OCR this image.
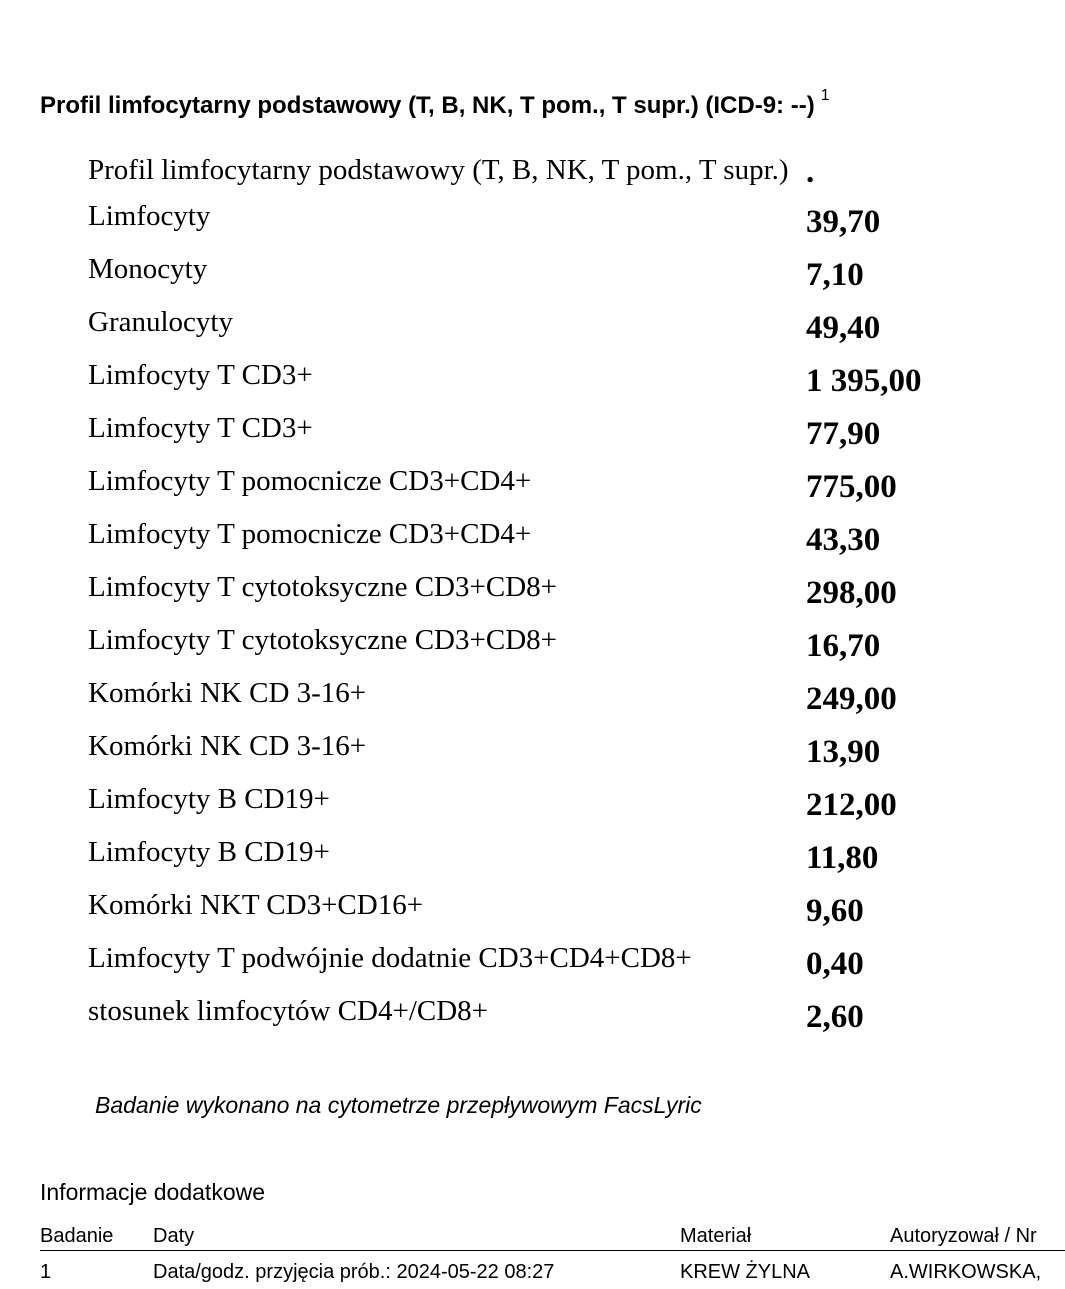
Profil limfocytarny podstawowy (T, B, NK, T pom., T supr.) (ICD-9: --) $^1$
Profil limfocytarny podstawowy (T, B, NK, T pom., T supr.) .
Limfocyty	39,70
Monocyty	7,10
Granulocyty	49,40
Limfocyty T CD3+	1 395,00
Limfocyty T CD3+	77,90
Limfocyty T pomocnicze CD3+CD4+	775,00
Limfocyty T pomocnicze CD3+CD4+	43,30
Limfocyty T cytotoksyczne CD3+CD8+	298,00
Limfocyty T cytotoksyczne CD3+CD8+	16,70
Komórki NK CD 3-16+	249,00
Komórki NK CD 3-16+	13,90
Limfocyty B CD19+	212,00
Limfocyty B CD19+	11,80
Komórki NKT CD3+CD16+	9,60
Limfocyty T podwójnie dodatnie CD3+CD4+CD8+	0,40
stosunek limfocytów CD4+/CD8+	2,60
Badanie wykonano na cytometrze przepływowym FacsLyric
Informacje dodatkowe
Badanie	Daty	Materiał	Autoryzował / Nr
1	Data/godz. przyjęcia prób.: 2024-05-22 08:27	KREW ŻYLNA	A.WIRKOWSKA,
